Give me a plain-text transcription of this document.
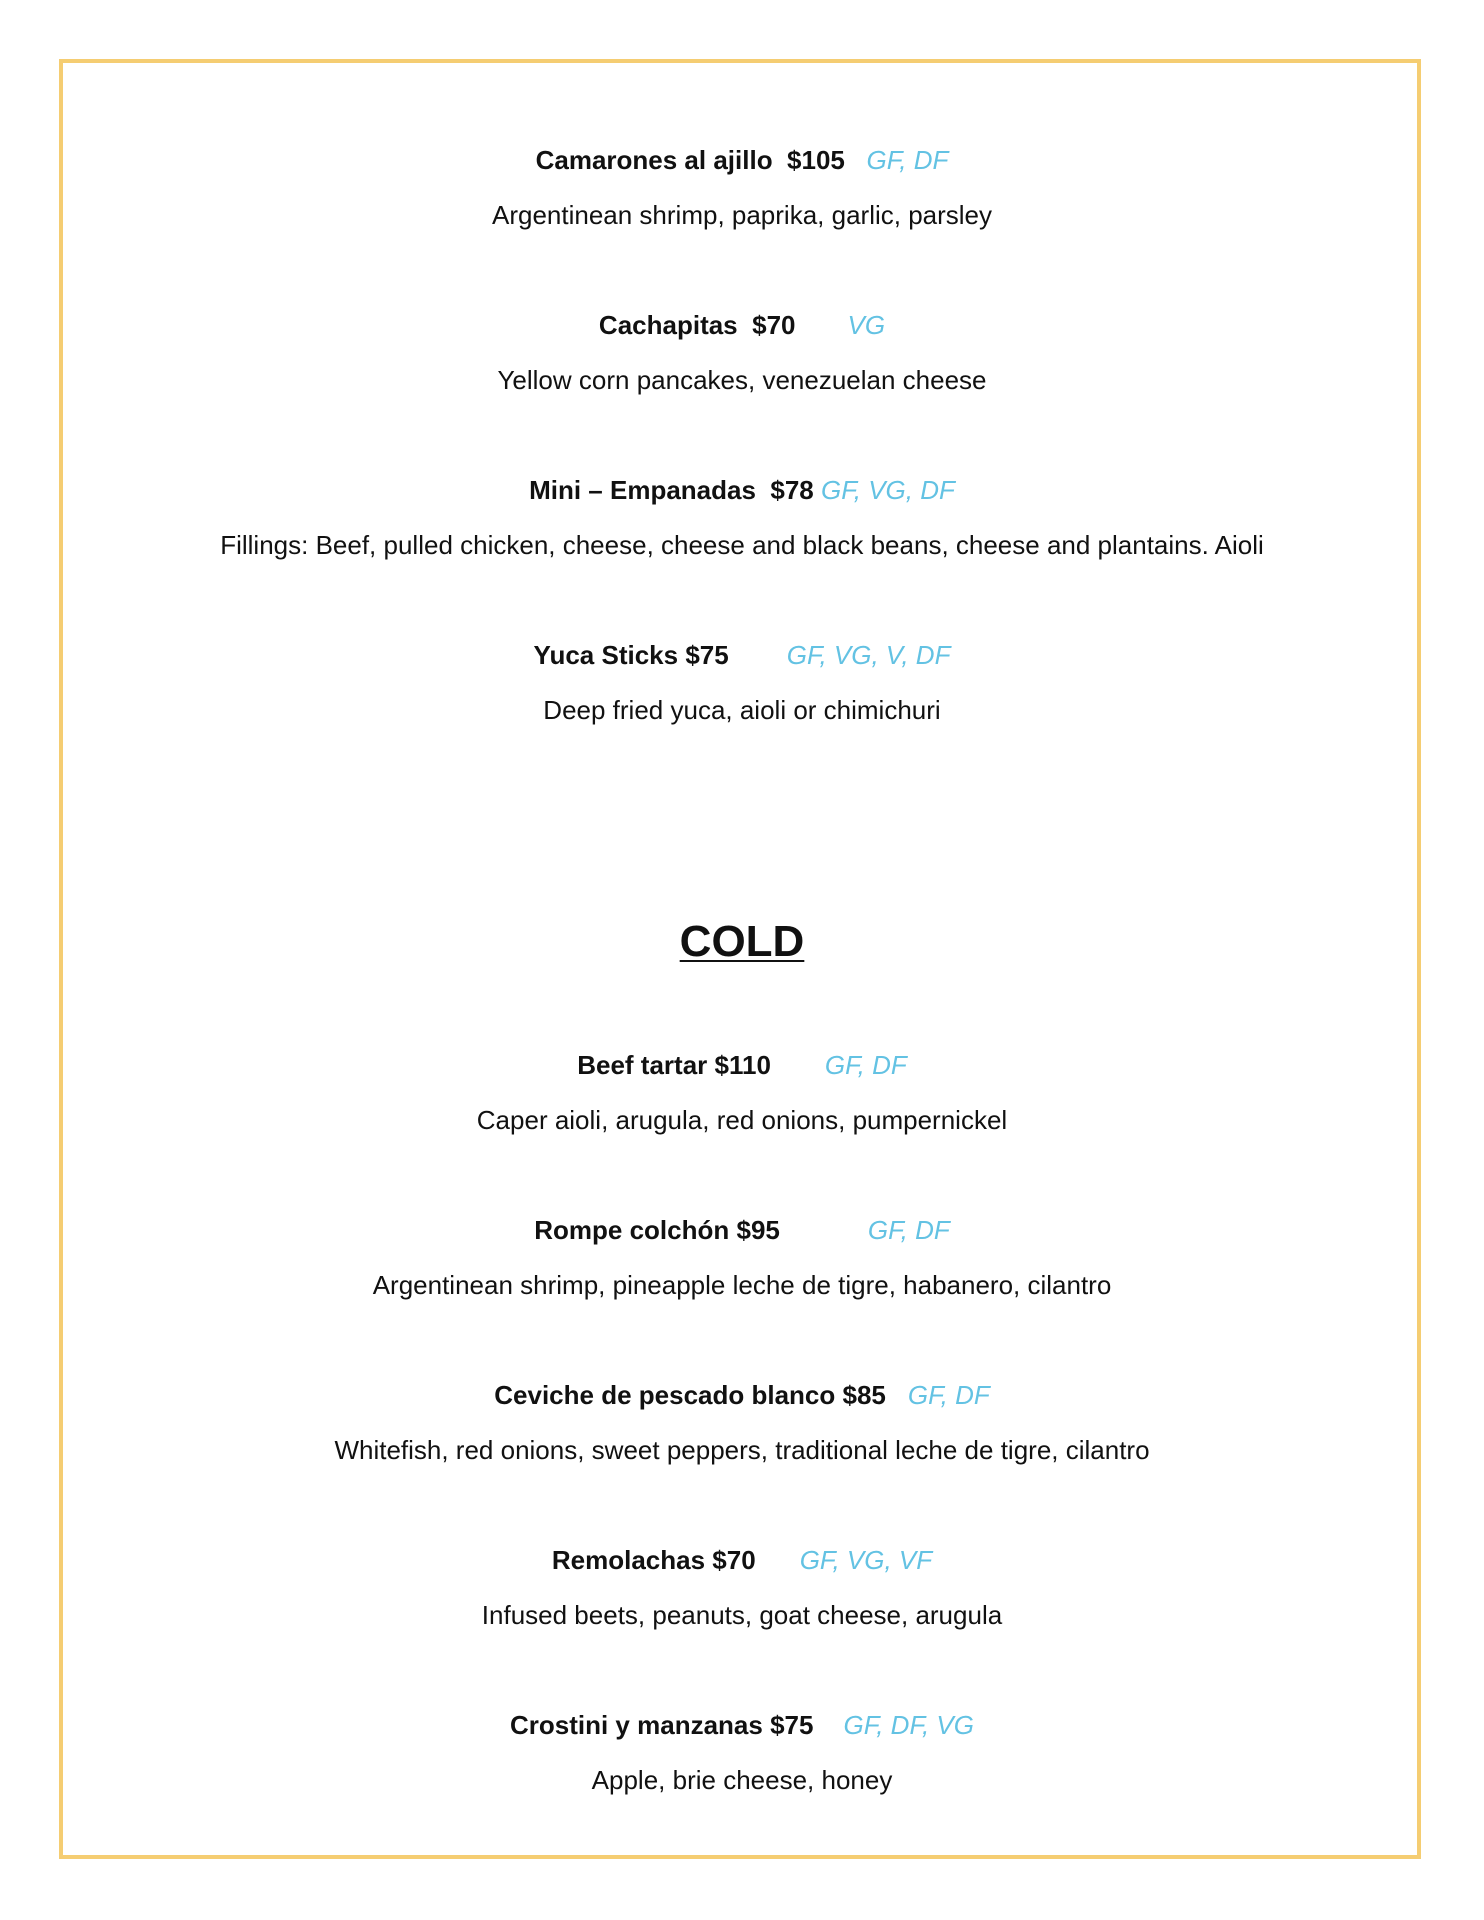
Camarones al ajillo $105 GF, DF
Argentinean shrimp, paprika, garlic, parsley
Cachapitas $70 VG
Yellow corn pancakes, venezuelan cheese
Mini – Empanadas $78 GF, VG, DF
Fillings: Beef, pulled chicken, cheese, cheese and black beans, cheese and plantains. Aioli
Yuca Sticks $75 GF, VG, V, DF
Deep fried yuca, aioli or chimichuri
COLD
Beef tartar $110 GF, DF
Caper aioli, arugula, red onions, pumpernickel
Rompe colchón $95	GF, DF
Argentinean shrimp, pineapple leche de tigre, habanero, cilantro
Ceviche de pescado blanco $85 GF, DF
Whitefish, red onions, sweet peppers, traditional leche de tigre, cilantro
Remolachas $70 GF, VG, VF
Infused beets, peanuts, goat cheese, arugula
Crostini y manzanas $75 GF, DF, VG
Apple, brie cheese, honey
